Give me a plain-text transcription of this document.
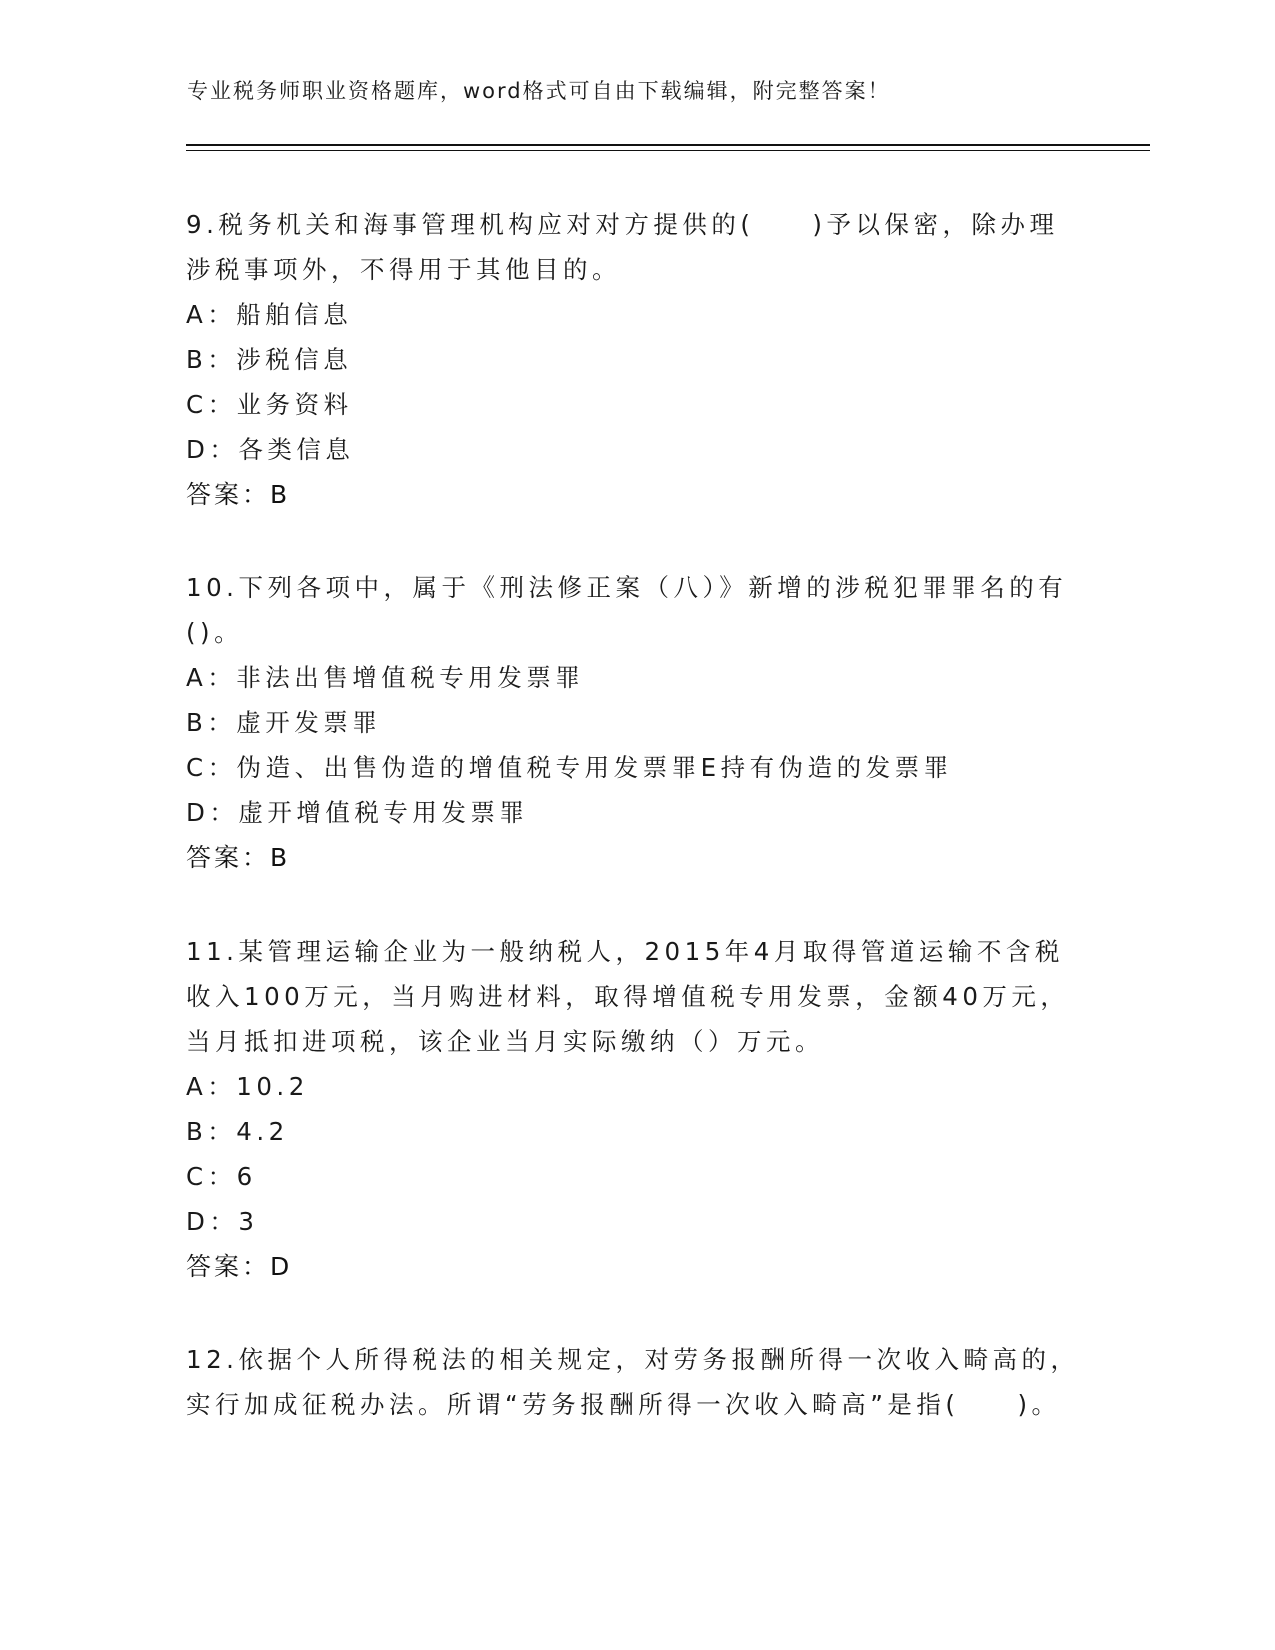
专业税务师职业资格题库，word格式可自由下载编辑，附完整答案！

9.税务机关和海事管理机构应对对方提供的(　　)予以保密，除办理涉税事项外，不得用于其他目的。

A：船舶信息

B：涉税信息

C：业务资料

D：各类信息

答案：B

10.下列各项中，属于《刑法修正案（八）》新增的涉税犯罪罪名的有()。

A：非法出售增值税专用发票罪

B：虚开发票罪

C：伪造、出售伪造的增值税专用发票罪E持有伪造的发票罪

D：虚开增值税专用发票罪

答案：B

11.某管理运输企业为一般纳税人，2015年4月取得管道运输不含税收入100万元，当月购进材料，取得增值税专用发票，金额40万元，当月抵扣进项税，该企业当月实际缴纳（）万元。

A：10.2

B：4.2

C：6

D：3

答案：D

12.依据个人所得税法的相关规定，对劳务报酬所得一次收入畸高的，实行加成征税办法。所谓“劳务报酬所得一次收入畸高”是指(　　)。
